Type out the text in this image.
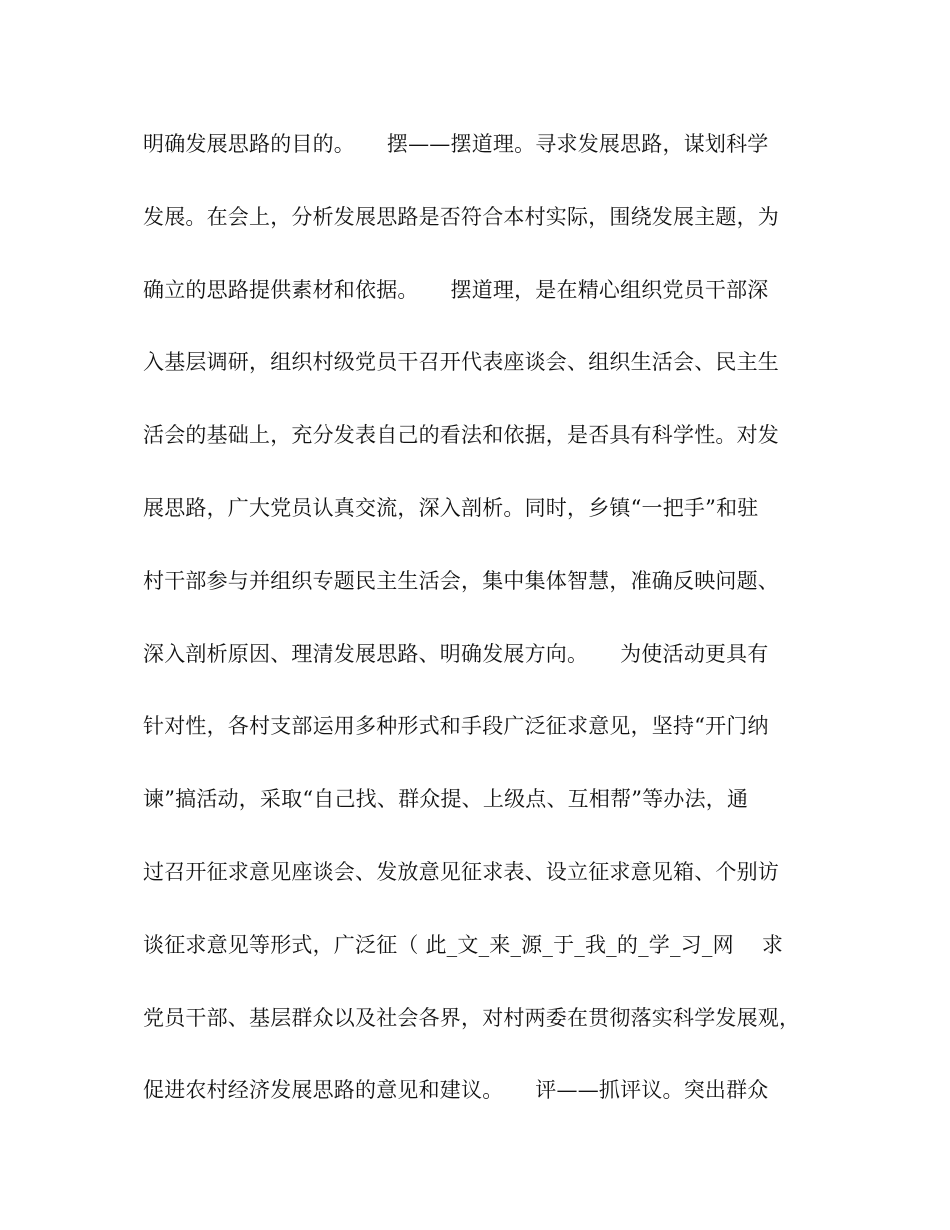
明确发展思路的目的。　　摆——摆道理。寻求发展思路，谋划科学
发展。在会上，分析发展思路是否符合本村实际，围绕发展主题，为
确立的思路提供素材和依据。　　摆道理，是在精心组织党员干部深
入基层调研，组织村级党员干召开代表座谈会、组织生活会、民主生
活会的基础上，充分发表自己的看法和依据，是否具有科学性。对发
展思路，广大党员认真交流，深入剖析。同时，乡镇“一把手”和驻
村干部参与并组织专题民主生活会，集中集体智慧，准确反映问题、
深入剖析原因、理清发展思路、明确发展方向。　　为使活动更具有
针对性，各村支部运用多种形式和手段广泛征求意见，坚持“开门纳
谏”搞活动，采取“自己找、群众提、上级点、互相帮”等办法，通
过召开征求意见座谈会、发放意见征求表、设立征求意见箱、个别访
谈征求意见等形式，广泛征（ 此_文_来_源_于_我_的_学_习_网　 求
党员干部、基层群众以及社会各界，对村两委在贯彻落实科学发展观，
促进农村经济发展思路的意见和建议。　　评——抓评议。突出群众
